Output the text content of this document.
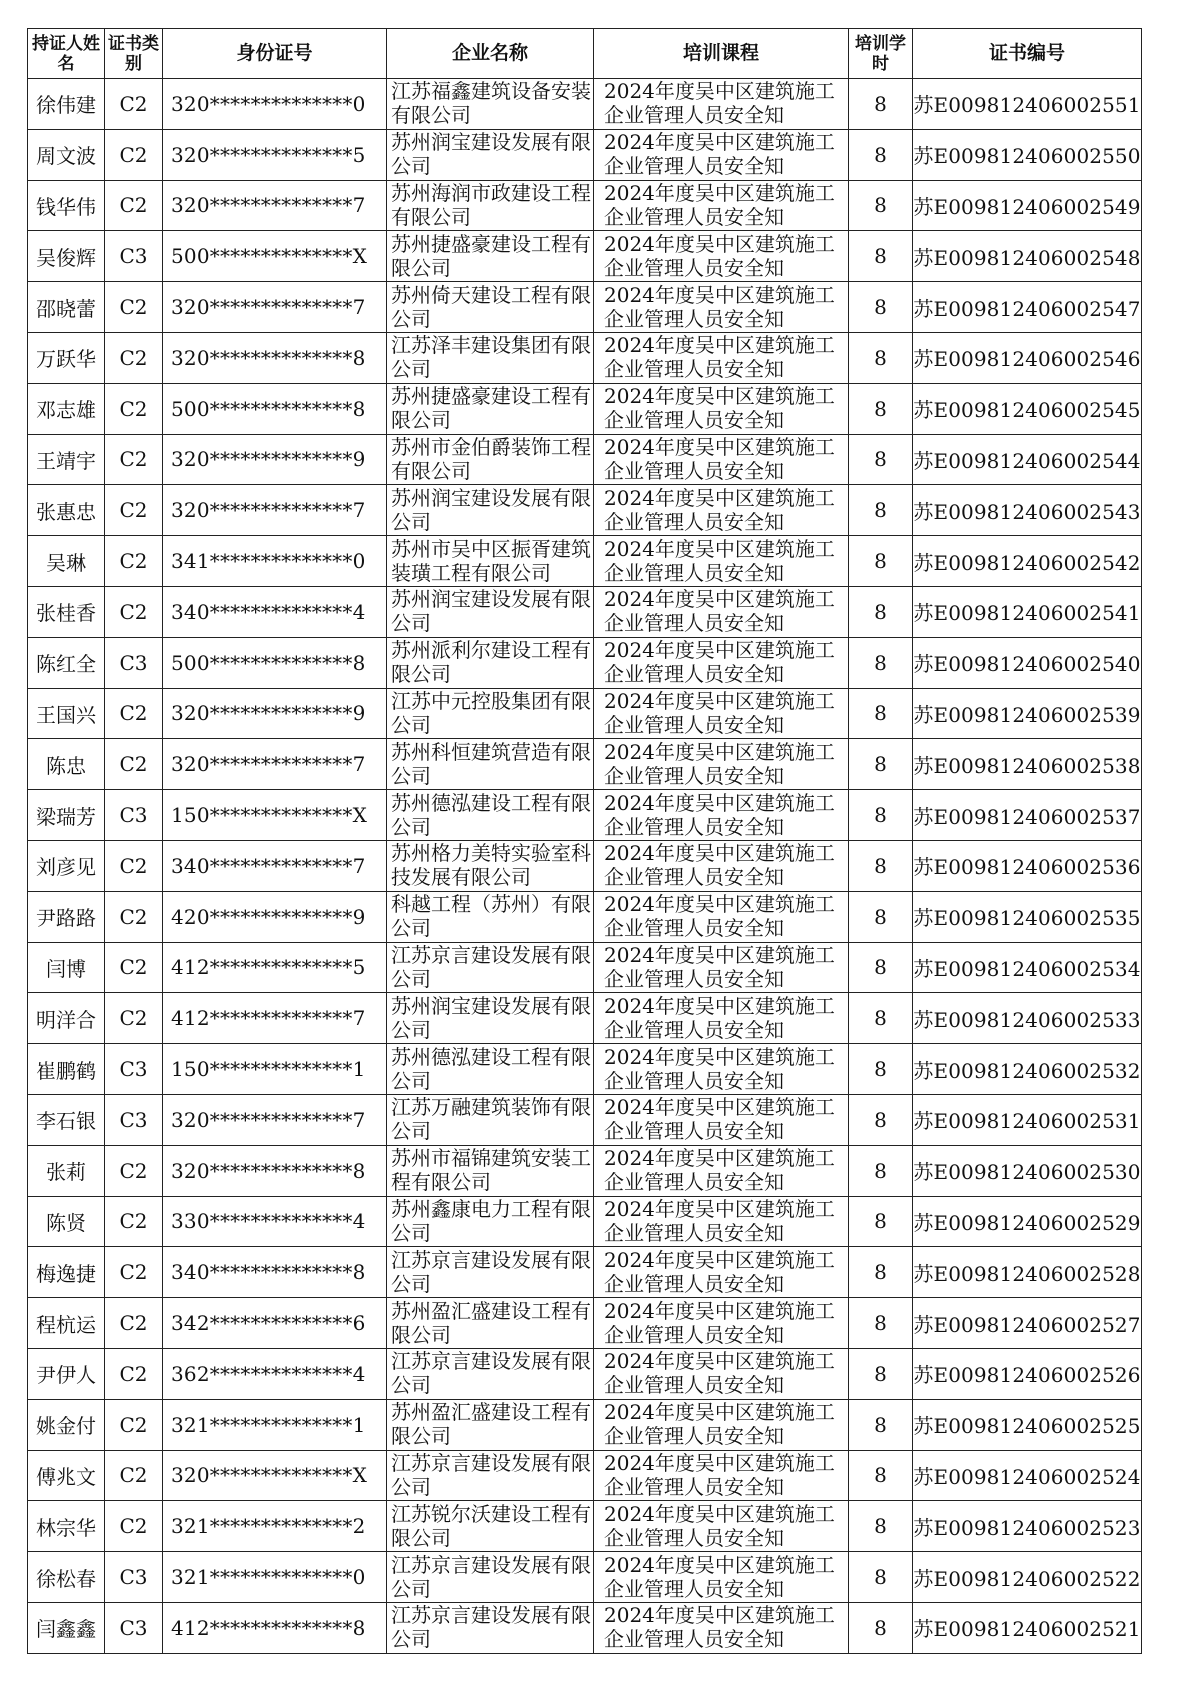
持证人姓名	证书类别	身份证号	企业名称	培训课程	培训学时	证书编号
徐伟建	C2	320**************0	江苏福鑫建筑设备安装有限公司	2024年度吴中区建筑施工企业管理人员安全知	8	苏E009812406002551
周文波	C2	320**************5	苏州润宝建设发展有限公司	2024年度吴中区建筑施工企业管理人员安全知	8	苏E009812406002550
钱华伟	C2	320**************7	苏州海润市政建设工程有限公司	2024年度吴中区建筑施工企业管理人员安全知	8	苏E009812406002549
吴俊辉	C3	500**************X	苏州捷盛豪建设工程有限公司	2024年度吴中区建筑施工企业管理人员安全知	8	苏E009812406002548
邵晓蕾	C2	320**************7	苏州倚天建设工程有限公司	2024年度吴中区建筑施工企业管理人员安全知	8	苏E009812406002547
万跃华	C2	320**************8	江苏泽丰建设集团有限公司	2024年度吴中区建筑施工企业管理人员安全知	8	苏E009812406002546
邓志雄	C2	500**************8	苏州捷盛豪建设工程有限公司	2024年度吴中区建筑施工企业管理人员安全知	8	苏E009812406002545
王靖宇	C2	320**************9	苏州市金伯爵装饰工程有限公司	2024年度吴中区建筑施工企业管理人员安全知	8	苏E009812406002544
张惠忠	C2	320**************7	苏州润宝建设发展有限公司	2024年度吴中区建筑施工企业管理人员安全知	8	苏E009812406002543
吴琳	C2	341**************0	苏州市吴中区振胥建筑装璜工程有限公司	2024年度吴中区建筑施工企业管理人员安全知	8	苏E009812406002542
张桂香	C2	340**************4	苏州润宝建设发展有限公司	2024年度吴中区建筑施工企业管理人员安全知	8	苏E009812406002541
陈红全	C3	500**************8	苏州派利尔建设工程有限公司	2024年度吴中区建筑施工企业管理人员安全知	8	苏E009812406002540
王国兴	C2	320**************9	江苏中元控股集团有限公司	2024年度吴中区建筑施工企业管理人员安全知	8	苏E009812406002539
陈忠	C2	320**************7	苏州科恒建筑营造有限公司	2024年度吴中区建筑施工企业管理人员安全知	8	苏E009812406002538
梁瑞芳	C3	150**************X	苏州德泓建设工程有限公司	2024年度吴中区建筑施工企业管理人员安全知	8	苏E009812406002537
刘彦见	C2	340**************7	苏州格力美特实验室科技发展有限公司	2024年度吴中区建筑施工企业管理人员安全知	8	苏E009812406002536
尹路路	C2	420**************9	科越工程（苏州）有限公司	2024年度吴中区建筑施工企业管理人员安全知	8	苏E009812406002535
闫博	C2	412**************5	江苏京言建设发展有限公司	2024年度吴中区建筑施工企业管理人员安全知	8	苏E009812406002534
明洋合	C2	412**************7	苏州润宝建设发展有限公司	2024年度吴中区建筑施工企业管理人员安全知	8	苏E009812406002533
崔鹏鹤	C3	150**************1	苏州德泓建设工程有限公司	2024年度吴中区建筑施工企业管理人员安全知	8	苏E009812406002532
李石银	C3	320**************7	江苏万融建筑装饰有限公司	2024年度吴中区建筑施工企业管理人员安全知	8	苏E009812406002531
张莉	C2	320**************8	苏州市福锦建筑安装工程有限公司	2024年度吴中区建筑施工企业管理人员安全知	8	苏E009812406002530
陈贤	C2	330**************4	苏州鑫康电力工程有限公司	2024年度吴中区建筑施工企业管理人员安全知	8	苏E009812406002529
梅逸捷	C2	340**************8	江苏京言建设发展有限公司	2024年度吴中区建筑施工企业管理人员安全知	8	苏E009812406002528
程杭运	C2	342**************6	苏州盈汇盛建设工程有限公司	2024年度吴中区建筑施工企业管理人员安全知	8	苏E009812406002527
尹伊人	C2	362**************4	江苏京言建设发展有限公司	2024年度吴中区建筑施工企业管理人员安全知	8	苏E009812406002526
姚金付	C2	321**************1	苏州盈汇盛建设工程有限公司	2024年度吴中区建筑施工企业管理人员安全知	8	苏E009812406002525
傅兆文	C2	320**************X	江苏京言建设发展有限公司	2024年度吴中区建筑施工企业管理人员安全知	8	苏E009812406002524
林宗华	C2	321**************2	江苏锐尔沃建设工程有限公司	2024年度吴中区建筑施工企业管理人员安全知	8	苏E009812406002523
徐松春	C3	321**************0	江苏京言建设发展有限公司	2024年度吴中区建筑施工企业管理人员安全知	8	苏E009812406002522
闫鑫鑫	C3	412**************8	江苏京言建设发展有限公司	2024年度吴中区建筑施工企业管理人员安全知	8	苏E009812406002521
